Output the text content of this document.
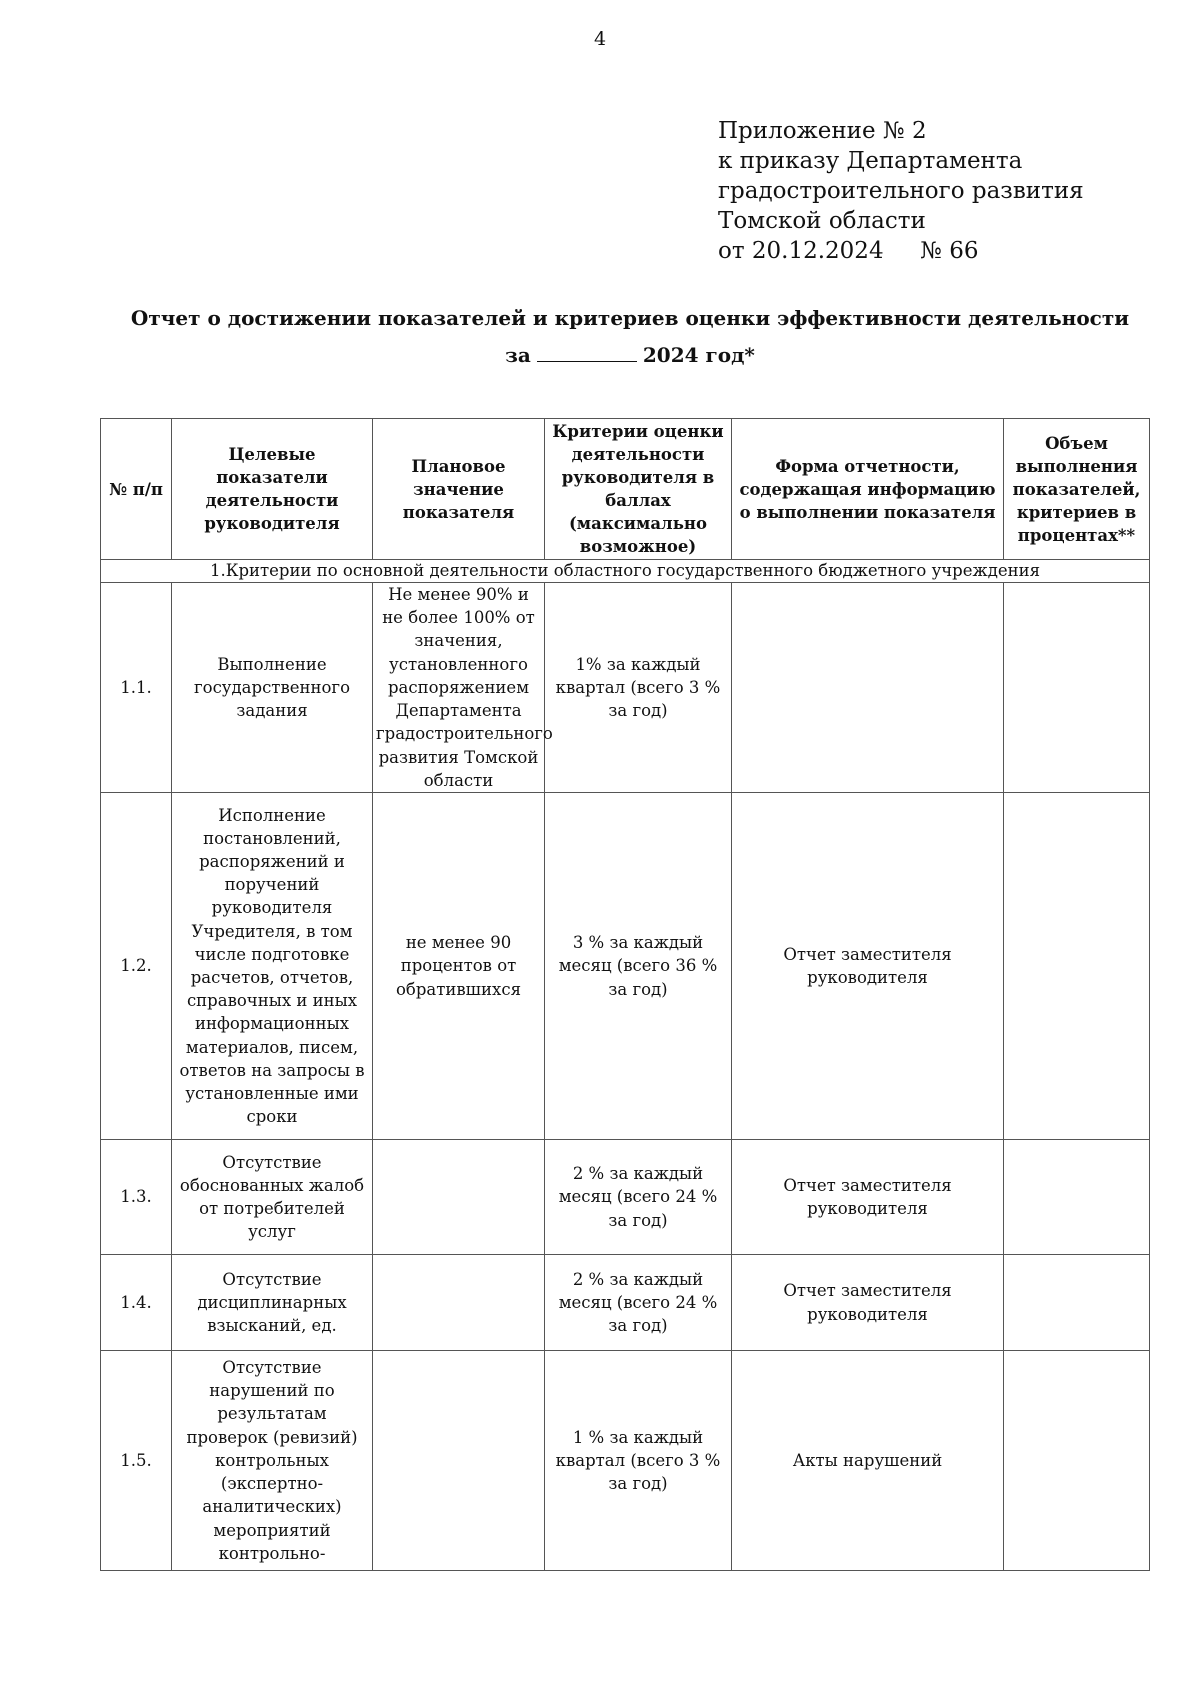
4
Приложение № 2
к приказу Департамента
градостроительного развития
Томской области
от 20.12.2024     № 66
Отчет о достижении показателей и критериев оценки эффективности деятельности
за	2024 год*
№ п/п	Целевые показатели деятельности руководителя	Плановое значение показателя	Критерии оценки деятельности руководителя в баллах (максимально возможное)	Форма отчетности, содержащая информацию о выполнении показателя	Объем выполнения показателей, критериев в процентах**
1.Критерии по основной деятельности областного государственного бюджетного учреждения					
1.1.	Выполнение государственного задания	Не менее 90% и не более 100% от значения, установленного распоряжением Департамента градостроительного развития Томской области	1% за каждый квартал (всего 3 % за год)		
1.2.	Исполнение постановлений, распоряжений и поручений руководителя Учредителя, в том числе подготовке расчетов, отчетов, справочных и иных информационных материалов, писем, ответов на запросы в установленные ими сроки	не менее 90 процентов от обратившихся	3 % за каждый месяц (всего 36 % за год)	Отчет заместителя руководителя	
1.3.	Отсутствие обоснованных жалоб от потребителей услуг		2 % за каждый месяц (всего 24 % за год)	Отчет заместителя руководителя	
1.4.	Отсутствие дисциплинарных взысканий, ед.		2 % за каждый месяц (всего 24 % за год)	Отчет заместителя руководителя	
1.5.	Отсутствие нарушений по результатам проверок (ревизий) контрольных (экспертно-аналитических) мероприятий контрольно-		1 % за каждый квартал (всего 3 % за год)	Акты нарушений	
